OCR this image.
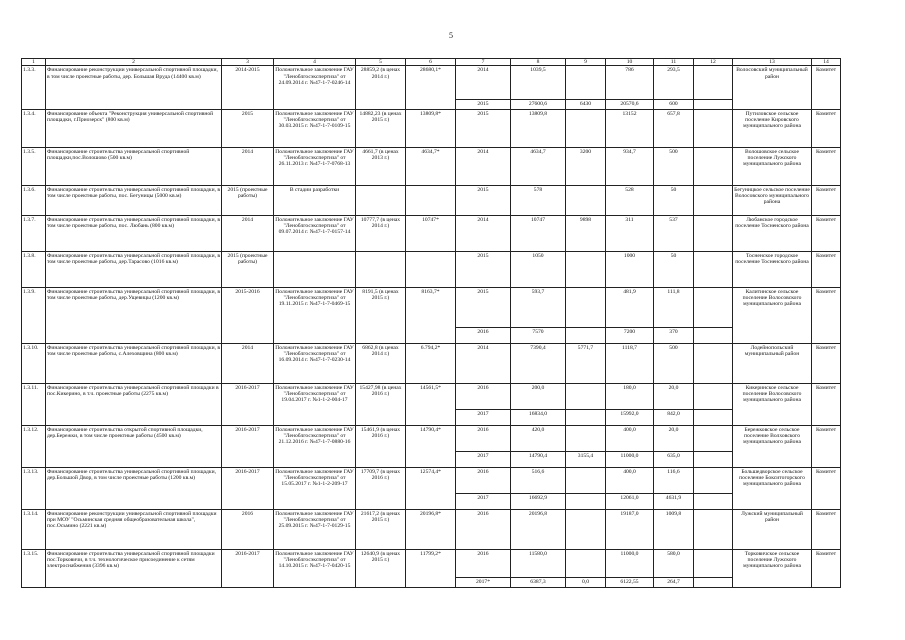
5
1	2	3	4	5	6	7	8	9	10	11	12	13	14
1.3.3.	Финансирование реконструкции универсальной спортивной площадки, в том числе проектные работы, дер. Большая Вруда (14400 кв.м)	2014-2015	Положительное заключение ГАУ "Леноблгосэкспертиза" от 24.09.2014 г. №47-1-7-0246-14	28859,2 (в ценах 2014 г.)	28680,1*	2014	1039,5		786	293,5		Волосовский муниципальный район	Комитет
						2015	27600,6	6430	20570,6	600			
1.3.4.	Финансирование объекта "Реконструкция универсальной спортивной площадки, г.Приозерск" (800 кв.м)	2015	Положительное заключение ГАУ "Леноблгосэкспертиза" от 30.03.2015 г. №47-1-7-0109-15	14882,23 (в ценах 2015 г.)	13809,8*	2015	13809,8		13152	657,8		Путиловское сельское поселение Кировского муниципального района	Комитет
1.3.5.	Финансирование строительства универсальной спортивной площадки,пос.Волошово (500 кв.м)	2014	Положительное заключение ГАУ "Леноблгосэкспертиза" от 26.11.2013 г. №47-1-7-0768-13	4661,7 (в ценах 2013 г.)	4634,7*	2014	4634,7	3200	934,7	500		Волошовское сельское поселение Лужского муниципального района	Комитет
1.3.6.	Финансирование строительства универсальной спортивной площадки, в том числе проектные работы, пос. Бегуницы (5000 кв.м)	2015 (проектные работы)	В стадии разработки			2015	578		528	50		Бегуницкое сельское поселение Волосовского муниципального района	Комитет
1.3.7.	Финансирование строительства универсальной спортивной площадки, в том числе проектные работы, пос. Любань (800 кв.м)	2014	Положительное заключение ГАУ "Леноблгосэкспертиза" от 09.07.2014 г. №47-1-7-0157-14	10777,7 (в ценах 2014 г.)	10747*	2014	10747	9898	311	537		Любанское городское поселение Тосненского района	Комитет
1.3.8.	Финансирование строительства универсальной спортивной площадки, в том числе проектные работы, дер.Тарасово (1016 кв.м)	2015 (проектные работы)				2015	1050		1000	50		Тосненское городское поселение Тосненского района	Комитет
1.3.9.	Финансирование строительства универсальной спортивной площадки, в том числе проектные работы, дер.Ущевицы (1200 кв.м)	2015-2016	Положительное заключение ГАУ "Леноблгосэкспертиза" от 19.11.2015 г. №47-1-7-0469-15	8191,5 (в ценах 2015 г.)	8163,7*	2015	593,7		481,9	111,8		Калитинское сельское поселение Волосовского муниципального района	Комитет
						2016	7570		7200	370			
1.3.10.	Финансирование строительства универсальной спортивной площадки, в том числе проектные работы, с.Алеховщина (800 кв.м)	2014	Положительное заключение ГАУ "Леноблгосэкспертиза" от 16.09.2014 г. №47-1-7-0230-14	6862,8 (в ценах 2014 г.)	6.794,2*	2014	7390,4	5771,7	1118,7	500		Лодейнопольский муниципальный район	Комитет
1.3.11.	Финансирование строительства универсальной спортивной площадки в пос.Кикерино, в т.ч. проектные работы (2275 кв.м)	2016-2017	Положительное заключение ГАУ "Леноблгосэкспертиза" от 19.04.2017 г. №1-1-2-004-17	15427,98 (в ценах 2016 г.)	14561,5*	2016	200,0		180,0	20,0		Кикеринское сельское поселение Волосовского муниципального района	Комитет
						2017	16834,0		15992,0	842,0			
1.3.12.	Финансирование строительства открытой спортивной площадки, дер.Бережки, в том числе проектные работы (4500 кв.м)	2016-2017	Положительное заключение ГАУ "Леноблгосэкспертиза" от 21.12.2016 г. №47-1-7-0880-16	15461,9 (в ценах 2016 г.)	14790,4*	2016	420,0		400,0	20,0		Бережковское сельское поселение Волховского муниципального района	Комитет
						2017	14790,4	3155,4	11000,0	635,0			
1.3.13.	Финансирование строительства универсальной спортивной площадки, дер.Большой Двор, в том числе проектные работы (1200 кв.м)	2016-2017	Положительное заключение ГАУ "Леноблгосэкспертиза" от 15.05.2017 г. №1-1-2-209-17	17709,7 (в ценах 2016 г.)	12574,4*	2016	516,6		400,0	116,6		Большедворское сельское поселение Бокситогорского муниципального района	Комитет
						2017	16692,9		12061,0	4631,9			
1.3.14.	Финансирование реконструкции универсальной спортивной площадки при МОУ "Осьминская средняя общеобразовательная школа", пос.Осьмино (2221 кв.м)	2016	Положительное заключение ГАУ "Леноблгосэкспертиза" от 25.09.2015 г. №47-1-7-0129-15	21617,2 (в ценах 2015 г.)	20196,8*	2016	20196,8		19187,0	1009,8		Лужский муниципальный район	Комитет
1.3.15.	Финансирование строительства универсальной спортивной площадки пос.Торковичи, в т.ч. технологическое присоединение к сетям электроснабжения (3396 кв.м)	2016-2017	Положительное заключение ГАУ "Леноблгосэкспертиза" от 14.10.2015 г. №47-1-7-0420-15	12640,9 (в ценах 2015 г.)	11799,2*	2016	11580,0		11000,0	580,0		Торковичское сельское поселение Лужского муниципального района	Комитет
						2017*	6387,3	0,0	6122,55	264,7			
